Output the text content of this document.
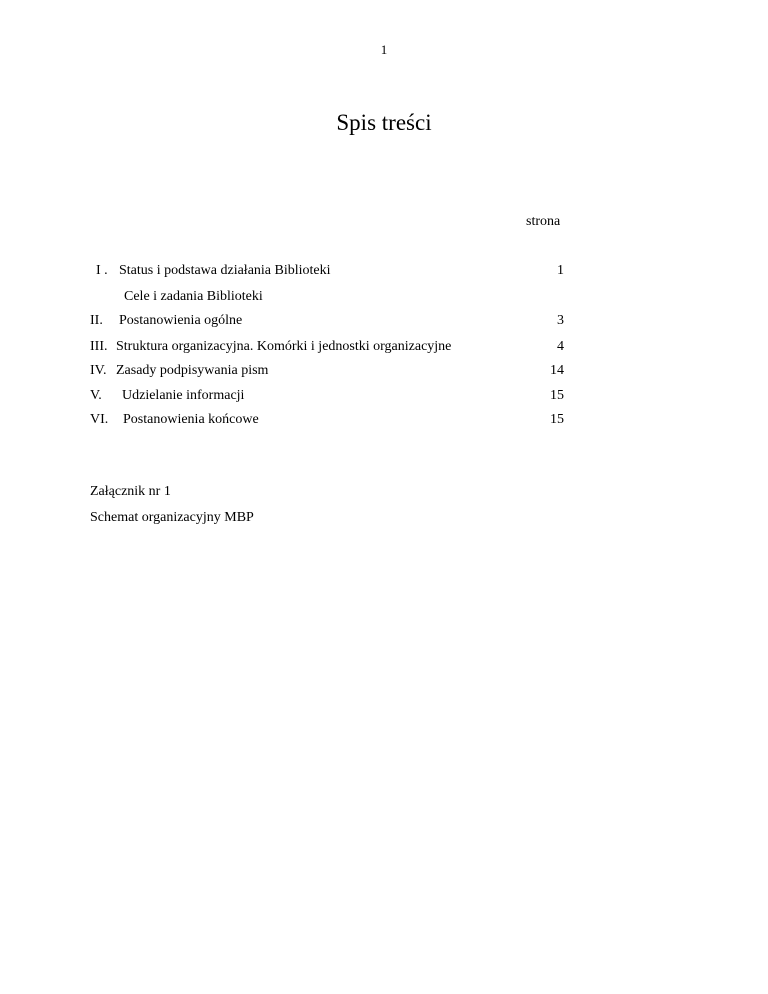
1
Spis treści
strona
I . Status i podstawa działania Biblioteki	1
Cele i zadania Biblioteki
II. Postanowienia ogólne	3
III. Struktura organizacyjna. Komórki i jednostki organizacyjne	4
IV. Zasady podpisywania pism	14
V. Udzielanie informacji	15
VI. Postanowienia końcowe	15
Załącznik nr 1
Schemat organizacyjny MBP
